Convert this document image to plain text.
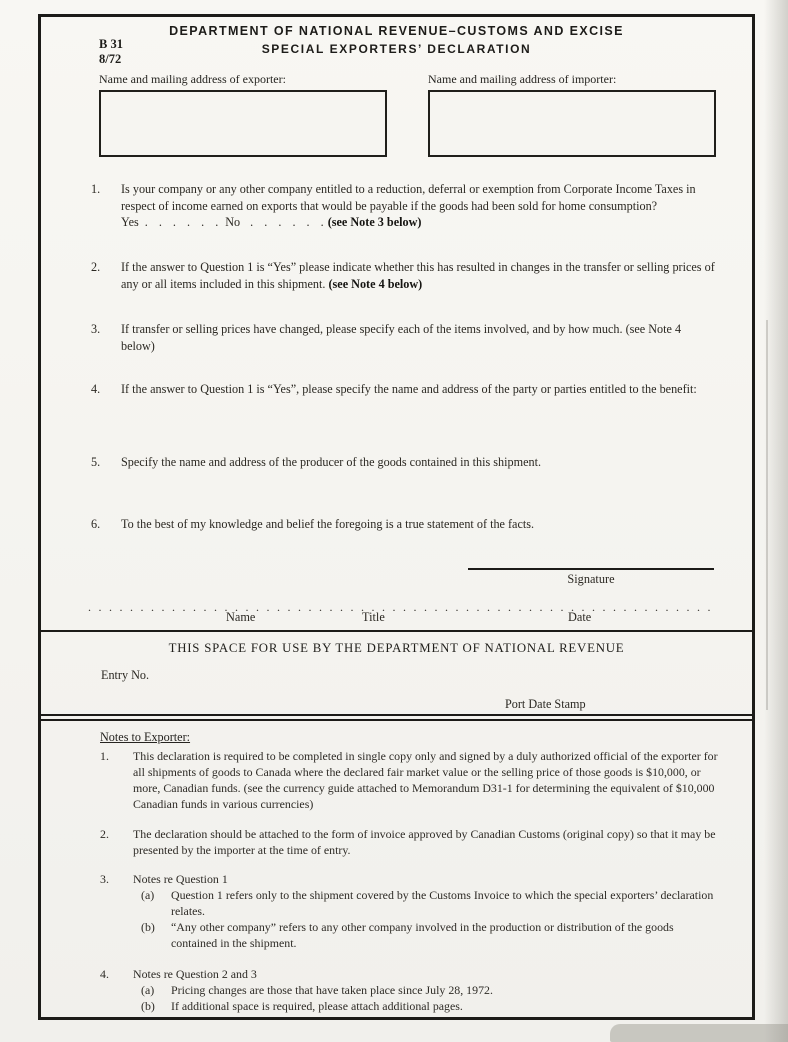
B 31
8/72
DEPARTMENT OF NATIONAL REVENUE–CUSTOMS AND EXCISE
SPECIAL EXPORTERS’ DECLARATION
Name and mailing address of exporter:	Name and mailing address of importer:
1. Is your company or any other company entitled to a reduction, deferral or exemption from Corporate Income Taxes in respect of income earned on exports that would be payable if the goods had been sold for home consumption?
Yes . . . . . . No . . . . . . (see Note 3 below)
2. If the answer to Question 1 is “Yes” please indicate whether this has resulted in changes in the transfer or selling prices of any or all items included in this shipment. (see Note 4 below)
3. If transfer or selling prices have changed, please specify each of the items involved, and by how much. (see Note 4 below)
4. If the answer to Question 1 is “Yes”, please specify the name and address of the party or parties entitled to the benefit:
5. Specify the name and address of the producer of the goods contained in this shipment.
6. To the best of my knowledge and belief the foregoing is a true statement of the facts.
Signature
............................................................
Name	Title	Date
THIS SPACE FOR USE BY THE DEPARTMENT OF NATIONAL REVENUE
Entry No.
Port Date Stamp
Notes to Exporter:
1. This declaration is required to be completed in single copy only and signed by a duly authorized official of the exporter for all shipments of goods to Canada where the declared fair market value or the selling price of those goods is $10,000, or more, Canadian funds. (see the currency guide attached to Memorandum D31-1 for determining the equivalent of $10,000 Canadian funds in various currencies)
2. The declaration should be attached to the form of invoice approved by Canadian Customs (original copy) so that it may be presented by the importer at the time of entry.
3. Notes re Question 1
(a) Question 1 refers only to the shipment covered by the Customs Invoice to which the special exporters’ declaration relates.
(b) “Any other company” refers to any other company involved in the production or distribution of the goods contained in the shipment.
4. Notes re Question 2 and 3
(a) Pricing changes are those that have taken place since July 28, 1972.
(b) If additional space is required, please attach additional pages.
